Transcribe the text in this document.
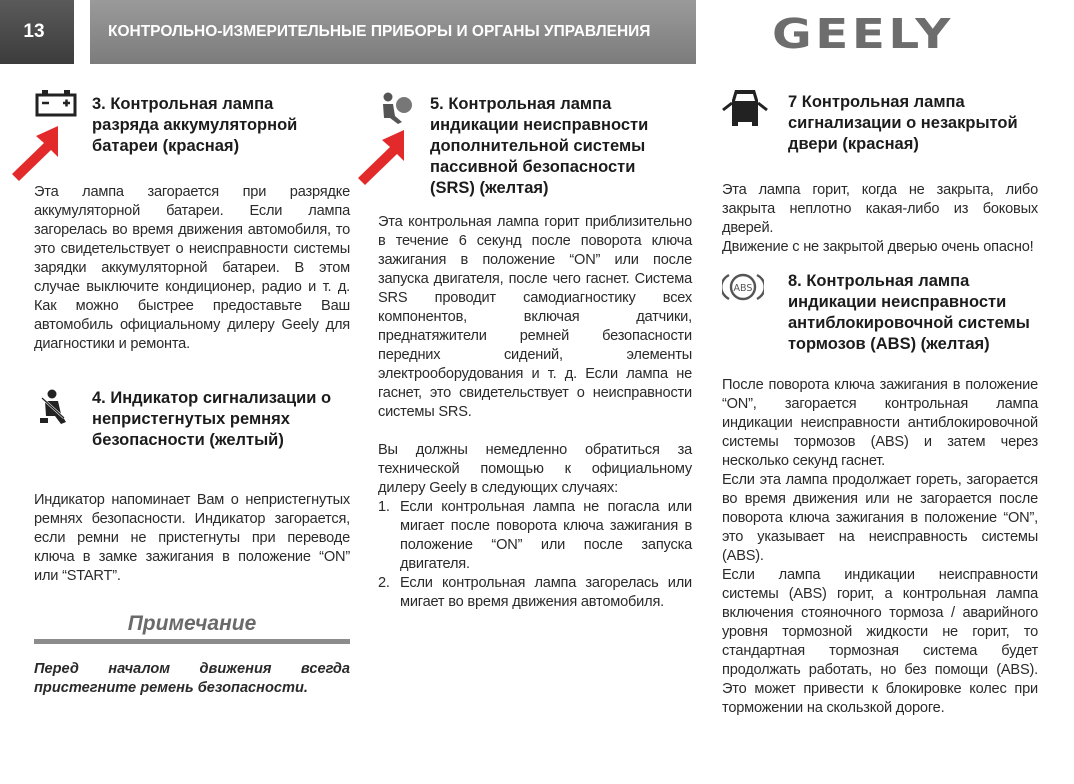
13	КОНТРОЛЬНО-ИЗМЕРИТЕЛЬНЫЕ ПРИБОРЫ И ОРГАНЫ УПРАВЛЕНИЯ	GEELY
3. Контрольная лампа разряда аккумуляторной батареи (красная)
Эта лампа загорается при разрядке аккумуляторной батареи. Если лампа загорелась во время движения автомобиля, то это свидетельствует о неисправности системы зарядки аккумуляторной батареи. В этом случае выключите кондиционер, радио и т. д. Как можно быстрее предоставьте Ваш автомобиль официальному дилеру Geely для диагностики и ремонта.
4. Индикатор сигнализации о непристегнутых ремнях безопасности (желтый)
Индикатор напоминает Вам о непристегнутых ремнях безопасности. Индикатор загорается, если ремни не пристегнуты при переводе ключа в замке зажигания в положение “ON” или “START”.
Примечание
Перед началом движения всегда пристегните ремень безопасности.
5. Контрольная лампа индикации неисправности дополнительной системы пассивной безопасности (SRS) (желтая)
Эта контрольная лампа горит приблизительно в течение 6 секунд после поворота ключа зажигания в положение “ON” или после запуска двигателя, после чего гаснет. Система SRS проводит самодиагностику всех компонентов, включая датчики, преднатяжители ремней безопасности передних сидений, элементы электрооборудования и т. д. Если лампа не гаснет, это свидетельствует о неисправности системы SRS.
Вы должны немедленно обратиться за технической помощью к официальному дилеру Geely в следующих случаях:
1. Если контрольная лампа не погасла или мигает после поворота ключа зажигания в положение “ON” или после запуска двигателя.
2. Если контрольная лампа загорелась или мигает во время движения автомобиля.
7 Контрольная лампа сигнализации о незакрытой двери (красная)
Эта лампа горит, когда не закрыта, либо закрыта неплотно какая-либо из боковых дверей.
Движение с не закрытой дверью очень опасно!
ABS 8. Контрольная лампа индикации неисправности антиблокировочной системы тормозов (ABS) (желтая)
После поворота ключа зажигания в положение “ON”, загорается контрольная лампа индикации неисправности антиблокировочной системы тормозов (ABS) и затем через несколько секунд гаснет.
Если эта лампа продолжает гореть, загорается во время движения или не загорается после поворота ключа зажигания в положение “ON”, это указывает на неисправность системы (ABS).
Если лампа индикации неисправности системы (ABS) горит, а контрольная лампа включения стояночного тормоза / аварийного уровня тормозной жидкости не горит, то стандартная тормозная система будет продолжать работать, но без помощи (ABS). Это может привести к блокировке колес при торможении на скользкой дороге.
